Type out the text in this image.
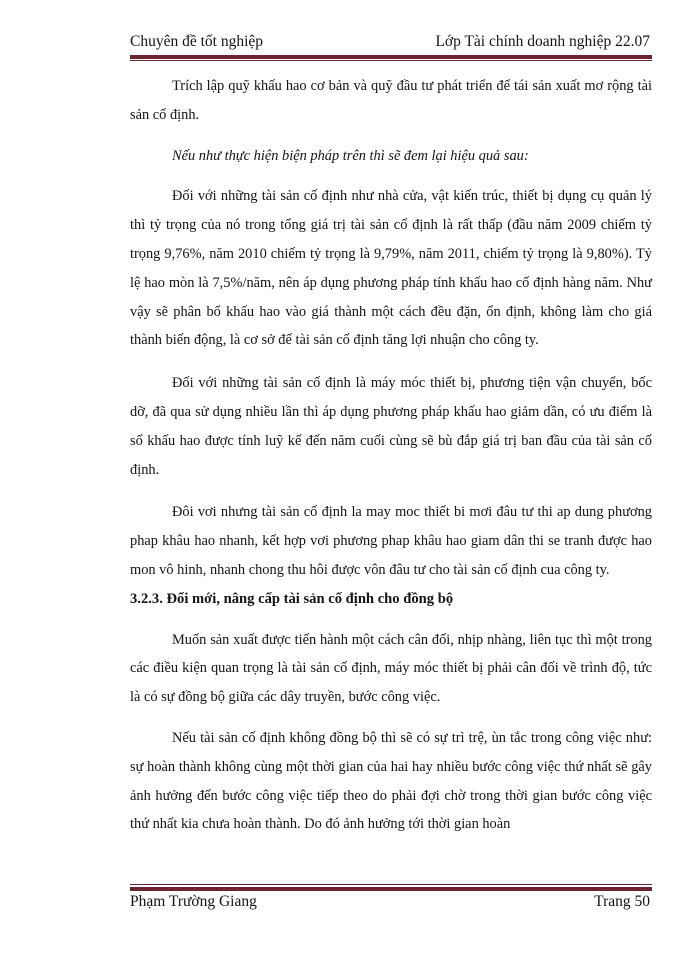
Chuyên đề tốt nghiệp	Lớp Tài chính doanh nghiệp 22.07

Trích lập quỹ khấu hao cơ bản và quỹ đầu tư phát triển để tái sản xuất mơ rộng tài sản cố định.

Nếu như thực hiện biện pháp trên thì sẽ đem lại hiệu quả sau:

Đối với những tài sản cố định như nhà cửa, vật kiến trúc, thiết bị dụng cụ quản lý thì tỷ trọng của nó trong tổng giá trị tài sản cố định là rất thấp (đầu năm 2009 chiếm tỷ trọng 9,76%, năm 2010 chiếm tỷ trọng là 9,79%, năm 2011, chiếm tỷ trọng là 9,80%). Tỷ lệ hao mòn là 7,5%/năm, nên áp dụng phương pháp tính khấu hao cố định hàng năm. Như vậy sẽ phân bổ khấu hao vào giá thành một cách đều đặn, ổn định, không làm cho giá thành biến động, là cơ sở để tài sản cố định tăng lợi nhuận cho công ty.

Đối với những tài sản cố định là máy móc thiết bị, phương tiện vận chuyển, bốc dỡ, đã qua sử dụng nhiều lần thì áp dụng phương pháp khấu hao giảm dần, có ưu điểm là số khấu hao được tính luỹ kế đến năm cuối cùng sẽ bù đắp giá trị ban đầu của tài sản cố định.

Đôi vơi nhưng tài sản cố định la may moc thiết bi mơi đâu tư thi ap dung phương phap khâu hao nhanh, kết hợp vơi phương phap khâu hao giam dân thi se tranh được hao mon vô hinh, nhanh chong thu hôi được vôn đâu tư cho tài sản cố định cua công ty.

3.2.3. Đổi mới, nâng cấp tài sản cố định cho đồng bộ

Muốn sản xuất được tiến hành một cách cân đối, nhịp nhàng, liên tục thì một trong các điều kiện quan trọng là tài sản cố định, máy móc thiết bị phải cân đối về trình độ, tức là có sự đồng bộ giữa các dây truyền, bước công việc.

Nếu tài sản cố định không đồng bộ thì sẽ có sự trì trệ, ùn tắc trong công việc như: sự hoàn thành không cùng một thời gian của hai hay nhiều bước công việc thứ nhất sẽ gây ảnh hưởng đến bước công việc tiếp theo do phải đợi chờ trong thời gian bước công việc thứ nhất kia chưa hoàn thành. Do đó ảnh hưởng tới thời gian hoàn

Phạm Trường Giang	Trang 50
